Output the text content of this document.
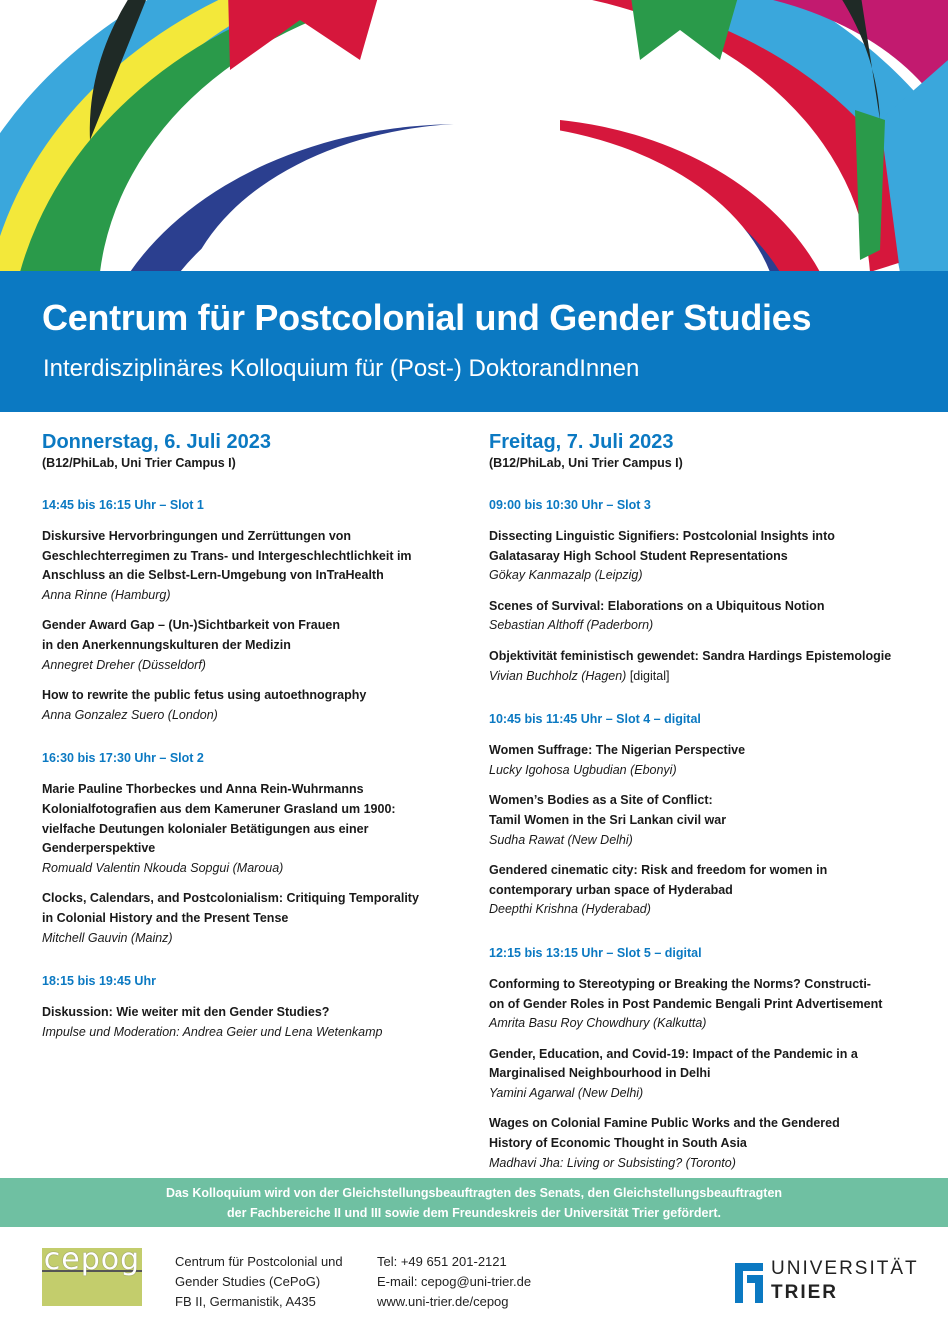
Centrum für Postcolonial und Gender Studies
Interdisziplinäres Kolloquium für (Post-) DoktorandInnen
Donnerstag, 6. Juli 2023

(B12/PhiLab, Uni Trier Campus I)

14:45 bis 16:15 Uhr – Slot 1
Diskursive Hervorbringungen und Zerrüttungen von
Geschlechterregimen zu Trans- und Intergeschlechtlichkeit im
Anschluss an die Selbst-Lern-Umgebung von InTraHealth
Anna Rinne (Hamburg)
Gender Award Gap – (Un-)Sichtbarkeit von Frauen
in den Anerkennungskulturen der Medizin
Annegret Dreher (Düsseldorf)
How to rewrite the public fetus using autoethnography
Anna Gonzalez Suero (London)
16:30 bis 17:30 Uhr – Slot 2
Marie Pauline Thorbeckes und Anna Rein-Wuhrmanns
Kolonialfotografien aus dem Kameruner Grasland um 1900:
vielfache Deutungen kolonialer Betätigungen aus einer
Genderperspektive
Romuald Valentin Nkouda Sopgui (Maroua)
Clocks, Calendars, and Postcolonialism: Critiquing Temporality
in Colonial History and the Present Tense
Mitchell Gauvin (Mainz)
18:15 bis 19:45 Uhr
Diskussion: Wie weiter mit den Gender Studies?
Impulse und Moderation: Andrea Geier und Lena Wetenkamp
Freitag, 7. Juli 2023

(B12/PhiLab, Uni Trier Campus I)

09:00 bis 10:30 Uhr – Slot 3
Dissecting Linguistic Signifiers: Postcolonial Insights into
Galatasaray High School Student Representations
Gökay Kanmazalp (Leipzig)
Scenes of Survival: Elaborations on a Ubiquitous Notion
Sebastian Althoff (Paderborn)
Objektivität feministisch gewendet: Sandra Hardings Epistemologie
Vivian Buchholz (Hagen) [digital]
10:45 bis 11:45 Uhr – Slot 4 – digital
Women Suffrage: The Nigerian Perspective
Lucky Igohosa Ugbudian (Ebonyi)
Women’s Bodies as a Site of Conflict:
Tamil Women in the Sri Lankan civil war
Sudha Rawat (New Delhi)
Gendered cinematic city: Risk and freedom for women in
contemporary urban space of Hyderabad
Deepthi Krishna (Hyderabad)
12:15 bis 13:15 Uhr – Slot 5 – digital
Conforming to Stereotyping or Breaking the Norms? Constructi-
on of Gender Roles in Post Pandemic Bengali Print Advertisement
Amrita Basu Roy Chowdhury (Kalkutta)
Gender, Education, and Covid-19: Impact of the Pandemic in a
Marginalised Neighbourhood in Delhi
Yamini Agarwal (New Delhi)
Wages on Colonial Famine Public Works and the Gendered
History of Economic Thought in South Asia
Madhavi Jha: Living or Subsisting? (Toronto)
Das Kolloquium wird von der Gleichstellungsbeauftragten des Senats, den Gleichstellungsbeauftragten
der Fachbereiche II und III sowie dem Freundeskreis der Universität Trier gefördert.
cepog	Centrum für Postcolonial und
Gender Studies (CePoG)
FB II, Germanistik, A435
Tel: +49 651 201-2121
E-mail: cepog@uni-trier.de
www.uni-trier.de/cepog
UNIVERSITÄT
TRIER
